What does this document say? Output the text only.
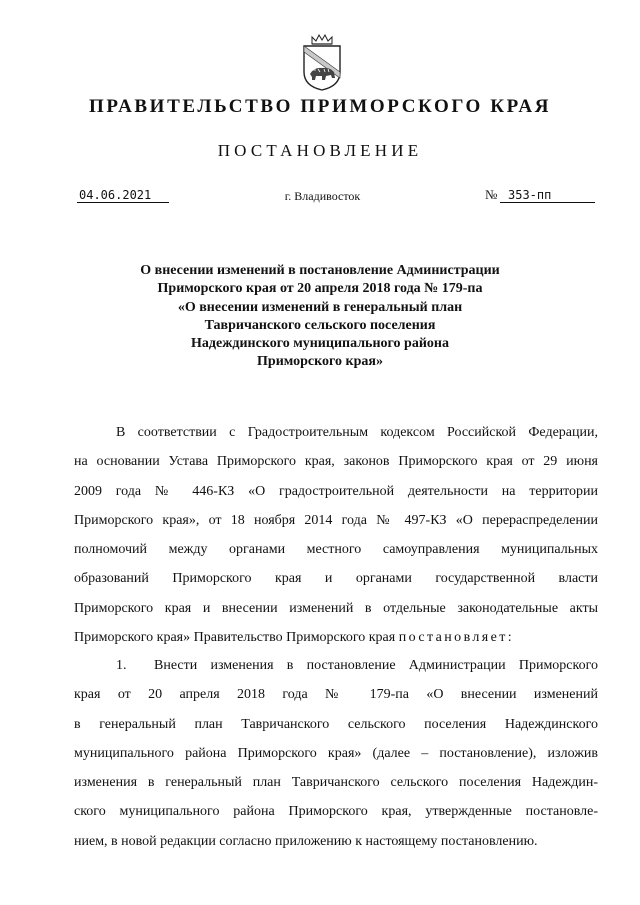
ПРАВИТЕЛЬСТВО ПРИМОРСКОГО КРАЯ
ПОСТАНОВЛЕНИЕ
04.06.2021	г. Владивосток	№ 353-пп
О внесении изменений в постановление Администрации
Приморского края от 20 апреля 2018 года № 179-па
«О внесении изменений в генеральный план
Тавричанского сельского поселения
Надеждинского муниципального района
Приморского края»
В соответствии с Градостроительным кодексом Российской Федерации,
на основании Устава Приморского края, законов Приморского края от 29 июня
2009 года № 446-КЗ «О градостроительной деятельности на территории
Приморского края», от 18 ноября 2014 года № 497-КЗ «О перераспределении
полномочий между органами местного самоуправления муниципальных
образований Приморского края и органами государственной власти
Приморского края и внесении изменений в отдельные законодательные акты
Приморского края» Правительство Приморского края постановляет:
1. Внести изменения в постановление Администрации Приморского
края от 20 апреля 2018 года № 179-па «О внесении изменений
в генеральный план Тавричанского сельского поселения Надеждинского
муниципального района Приморского края» (далее – постановление), изложив
изменения в генеральный план Тавричанского сельского поселения Надеждин-
ского муниципального района Приморского края, утвержденные постановле-
нием, в новой редакции согласно приложению к настоящему постановлению.
